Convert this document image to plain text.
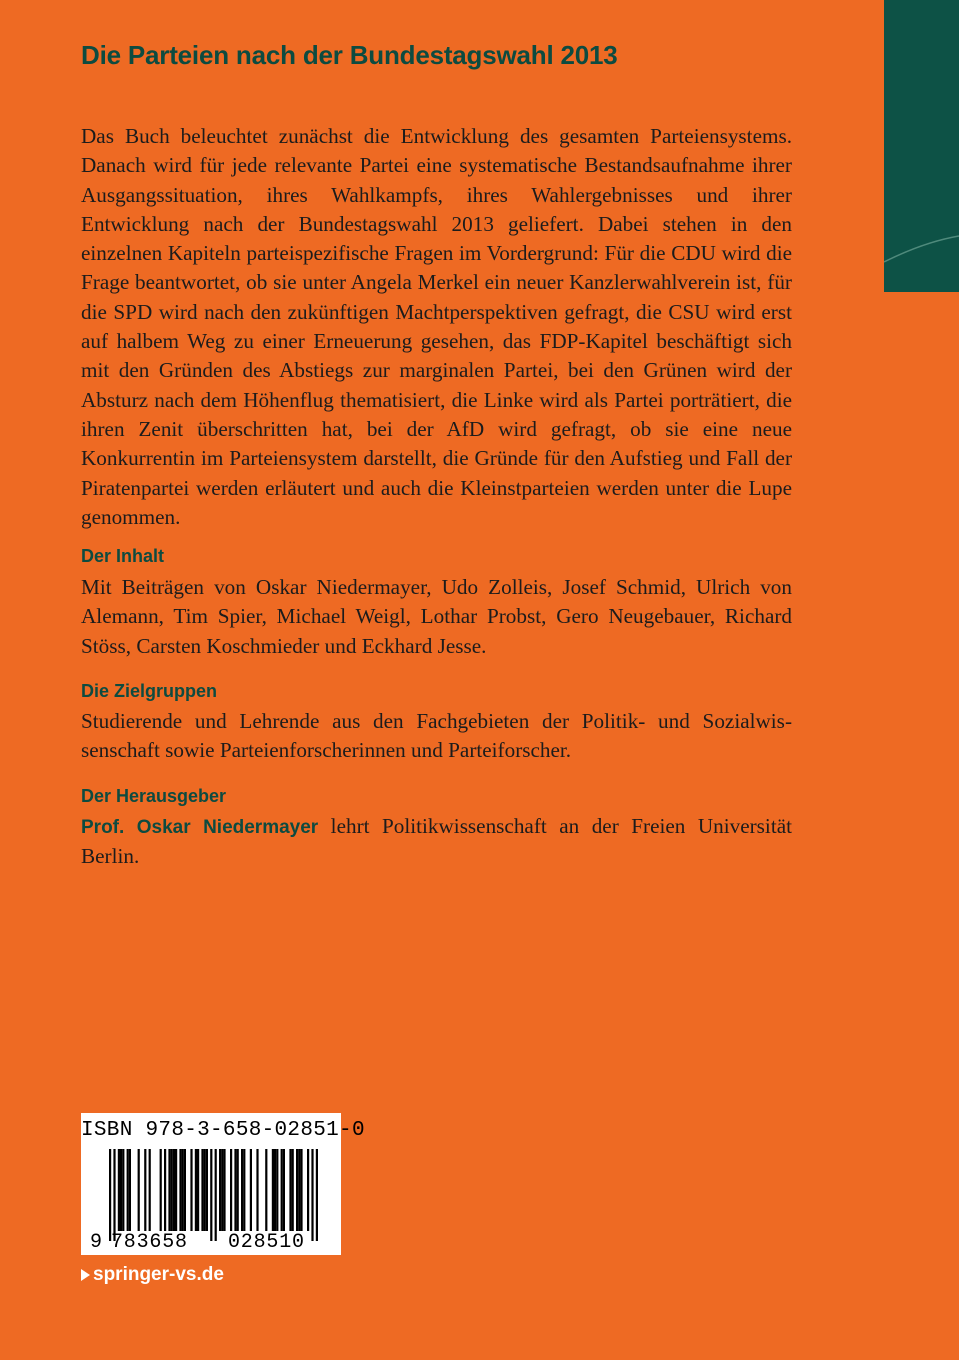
Die Parteien nach der Bundestagswahl 2013

Das Buch beleuchtet zunächst die Entwicklung des gesamten Parteiensystems. Danach wird für jede relevante Partei eine systematische Bestandsaufnahme ihrer Ausgangssituation, ihres Wahlkampfs, ihres Wahlergebnisses und ihrer Entwicklung nach der Bundestagswahl 2013 geliefert. Dabei stehen in den einzelnen Kapiteln parteispezifische Fragen im Vordergrund: Für die CDU wird die Frage beantwortet, ob sie unter Angela Merkel ein neuer Kanzlerwahlverein ist, für die SPD wird nach den zukünftigen Machtperspektiven gefragt, die CSU wird erst auf halbem Weg zu einer Erneuerung gesehen, das FDP-Kapitel beschäftigt sich mit den Gründen des Abstiegs zur marginalen Partei, bei den Grünen wird der Absturz nach dem Höhenflug thematisiert, die Linke wird als Partei porträtiert, die ihren Zenit überschritten hat, bei der AfD wird gefragt, ob sie eine neue Konkurrentin im Parteiensystem darstellt, die Gründe für den Aufstieg und Fall der Piratenpartei werden erläutert und auch die Kleinstparteien werden unter die Lupe genommen.

Der Inhalt

Mit Beiträgen von Oskar Niedermayer, Udo Zolleis, Josef Schmid, Ulrich von Alemann, Tim Spier, Michael Weigl, Lothar Probst, Gero Neugebauer, Richard Stöss, Carsten Koschmieder und Eckhard Jesse.

Die Zielgruppen

Studierende und Lehrende aus den Fachgebieten der Politik- und Sozialwissenschaft sowie Parteienforscherinnen und Parteiforscher.

Der Herausgeber

Prof. Oskar Niedermayer lehrt Politikwissenschaft an der Freien Universität Berlin.

ISBN 978-3-658-02851-0
9 783658 028510
springer-vs.de
